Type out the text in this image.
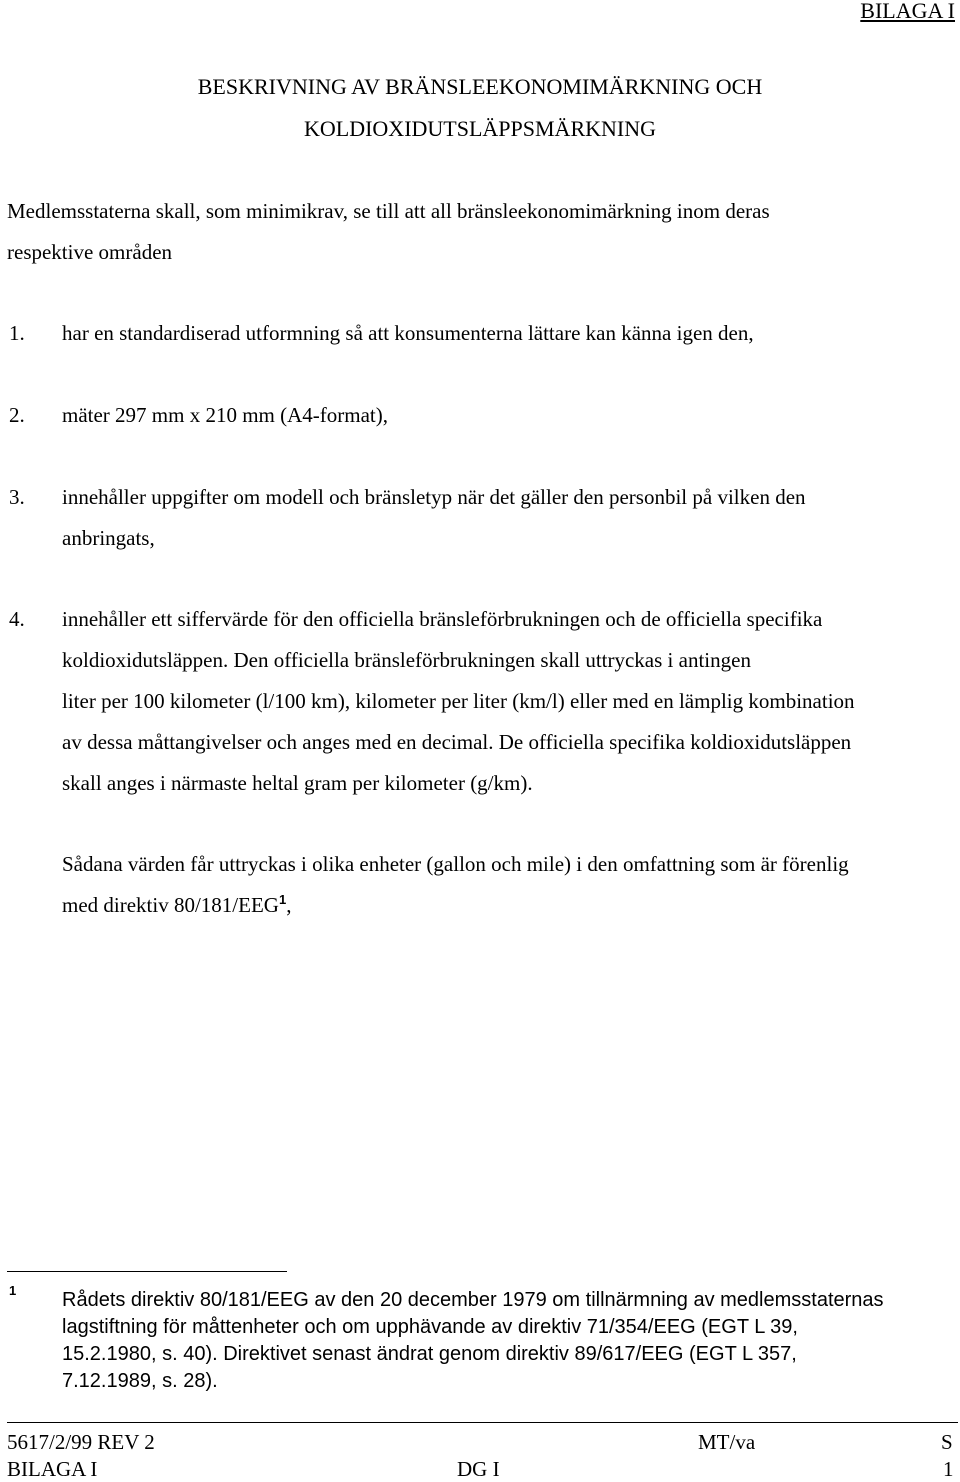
BILAGA I
BESKRIVNING AV BRÄNSLEEKONOMIMÄRKNING OCH
KOLDIOXIDUTSLÄPPSMÄRKNING
Medlemsstaterna skall, som minimikrav, se till att all bränsleekonomimärkning inom deras
respektive områden
1. har en standardiserad utformning så att konsumenterna lättare kan känna igen den,
2. mäter 297 mm x 210 mm (A4-format),
3. innehåller uppgifter om modell och bränsletyp när det gäller den personbil på vilken den
anbringats,
4. innehåller ett siffervärde för den officiella bränsleförbrukningen och de officiella specifika
koldioxidutsläppen. Den officiella bränsleförbrukningen skall uttryckas i antingen
liter per 100 kilometer (l/100 km), kilometer per liter (km/l) eller med en lämplig kombination
av dessa måttangivelser och anges med en decimal. De officiella specifika koldioxidutsläppen
skall anges i närmaste heltal gram per kilometer (g/km).
Sådana värden får uttryckas i olika enheter (gallon och mile) i den omfattning som är förenlig
med direktiv 80/181/EEG$^1$,
1 Rådets direktiv 80/181/EEG av den 20 december 1979 om tillnärmning av medlemsstaternas
lagstiftning för måttenheter och om upphävande av direktiv 71/354/EEG (EGT L 39,
15.2.1980, s. 40). Direktivet senast ändrat genom direktiv 89/617/EEG (EGT L 357,
7.12.1989, s. 28).
5617/2/99 REV 2	MT/va	S
BILAGA I	DG I	1
